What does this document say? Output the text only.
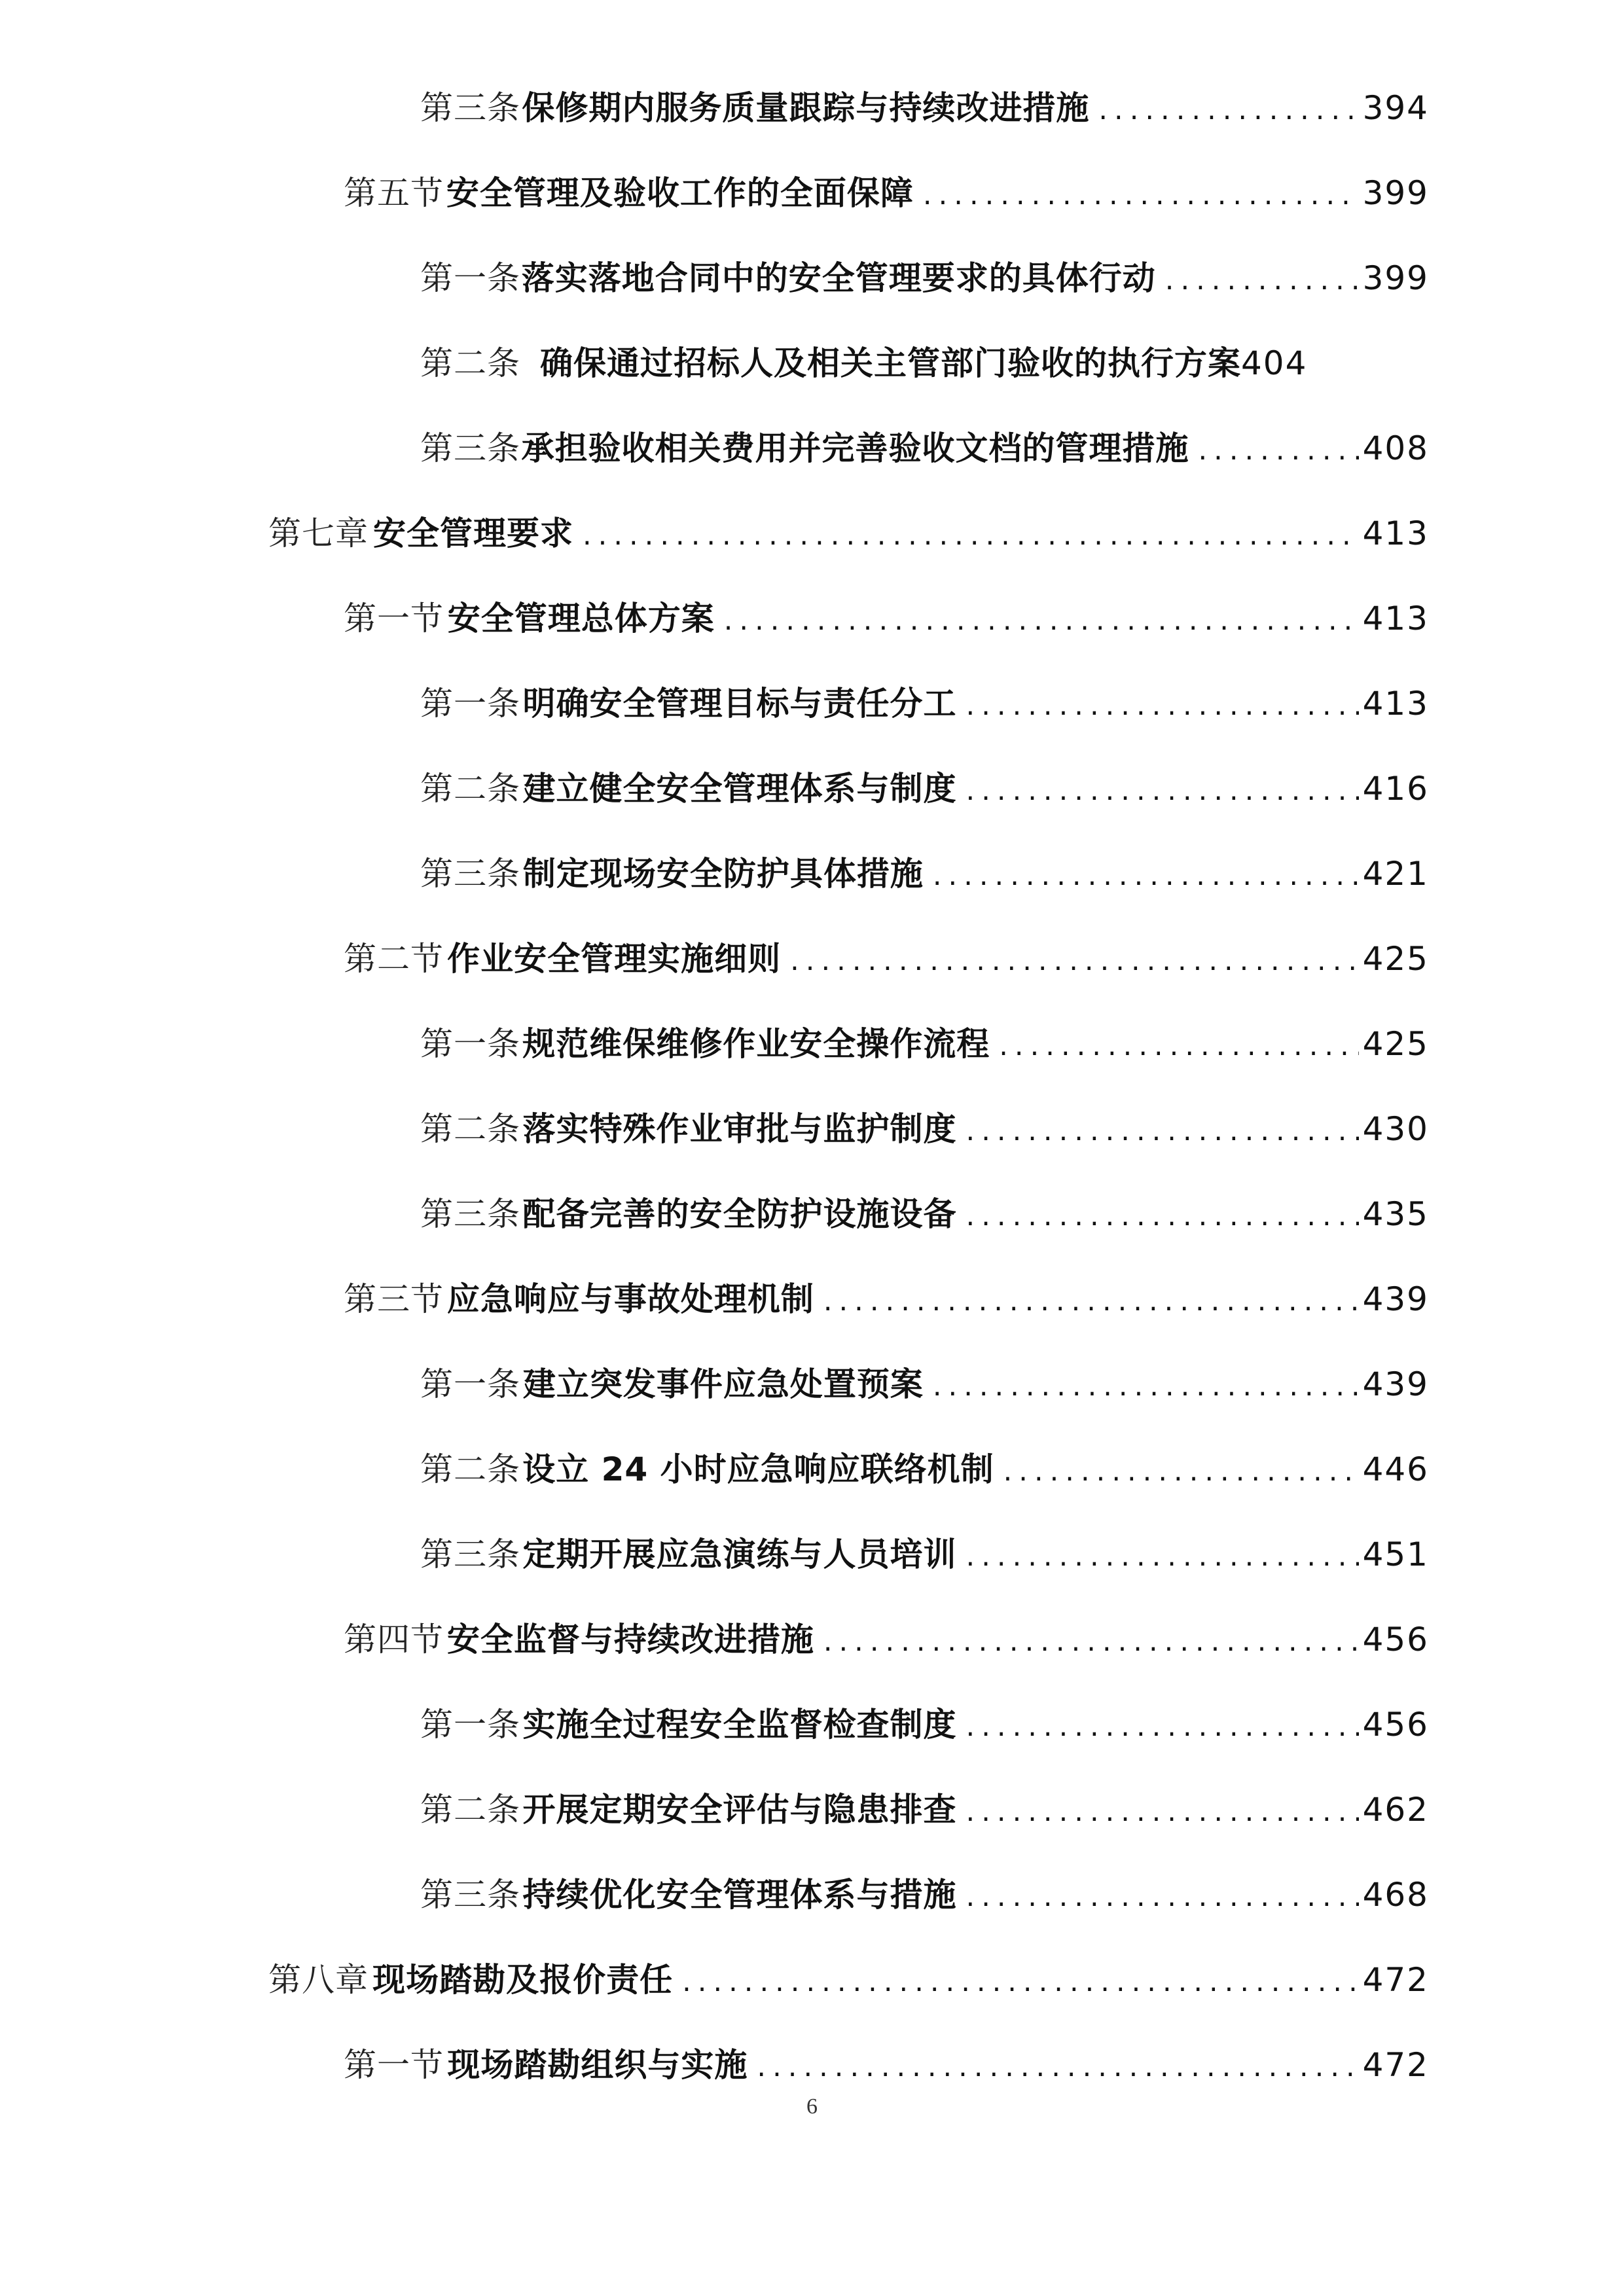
第三条 保修期内服务质量跟踪与持续改进措施 .....	394
第五节 安全管理及验收工作的全面保障 .....	399
第一条 落实落地合同中的安全管理要求的具体行动 .....	399
第二条 确保通过招标人及相关主管部门验收的执行方案 404
第三条 承担验收相关费用并完善验收文档的管理措施 .....	408
第七章 安全管理要求 .....	413
第一节 安全管理总体方案 .....	413
第一条 明确安全管理目标与责任分工 .....	413
第二条 建立健全安全管理体系与制度 .....	416
第三条 制定现场安全防护具体措施 .....	421
第二节 作业安全管理实施细则 .....	425
第一条 规范维保维修作业安全操作流程 .....	425
第二条 落实特殊作业审批与监护制度 .....	430
第三条 配备完善的安全防护设施设备 .....	435
第三节 应急响应与事故处理机制 .....	439
第一条 建立突发事件应急处置预案 .....	439
第二条 设立 24 小时应急响应联络机制 .....	446
第三条 定期开展应急演练与人员培训 .....	451
第四节 安全监督与持续改进措施 .....	456
第一条 实施全过程安全监督检查制度 .....	456
第二条 开展定期安全评估与隐患排查 .....	462
第三条 持续优化安全管理体系与措施 .....	468
第八章 现场踏勘及报价责任 .....	472
第一节 现场踏勘组织与实施 .....	472
6
